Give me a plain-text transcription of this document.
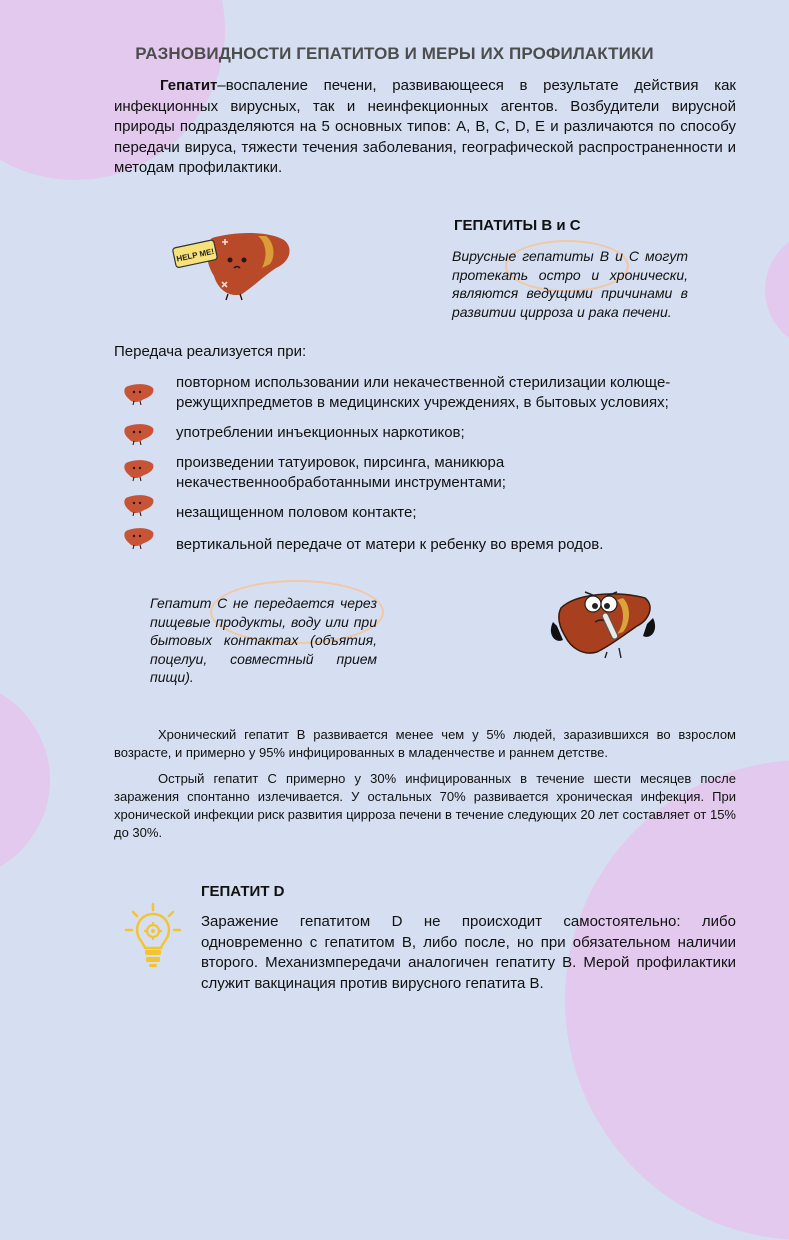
РАЗНОВИДНОСТИ ГЕПАТИТОВ И МЕРЫ ИХ ПРОФИЛАКТИКИ

Гепатит–воспаление печени, развивающееся в результате действия как инфекционных вирусных, так и неинфекционных агентов. Возбудители вирусной природы подразделяются на 5 основных типов: А, В, С, D, Е и различаются по способу передачи вируса, тяжести течения заболевания, географической распространенности и методам профилактики.

HELP ME!
ГЕПАТИТЫ В и С
Вирусные гепатиты В и С могут протекать остро и хронически, являются ведущими причинами в развитии цирроза и рака печени.
Передача реализуется при:
повторном использовании или некачественной стерилизации колюще-режущихпредметов в медицинских учреждениях, в бытовых условиях;
употреблении инъекционных наркотиков;
произведении татуировок, пирсинга, маникюра некачественнообработанными инструментами;
незащищенном половом контакте;
вертикальной передаче от матери к ребенку во время родов.
Гепатит С не передается через пищевые продукты, воду или при бытовых контактах (объятия, поцелуи, совместный прием пищи).

Хронический гепатит В развивается менее чем у 5% людей, заразившихся во взрослом возрасте, и примерно у 95% инфицированных в младенчестве и раннем детстве.

Острый гепатит С примерно у 30% инфицированных в течение шести месяцев после заражения спонтанно излечивается. У остальных 70% развивается хроническая инфекция. При хронической инфекции риск развития цирроза печени в течение следующих 20 лет составляет от 15% до 30%.

ГЕПАТИТ D
Заражение гепатитом D не происходит самостоятельно: либо одновременно с гепатитом В, либо после, но при обязательном наличии второго. Механизмпередачи аналогичен гепатиту В. Мерой профилактики служит вакцинация против вирусного гепатита В.
